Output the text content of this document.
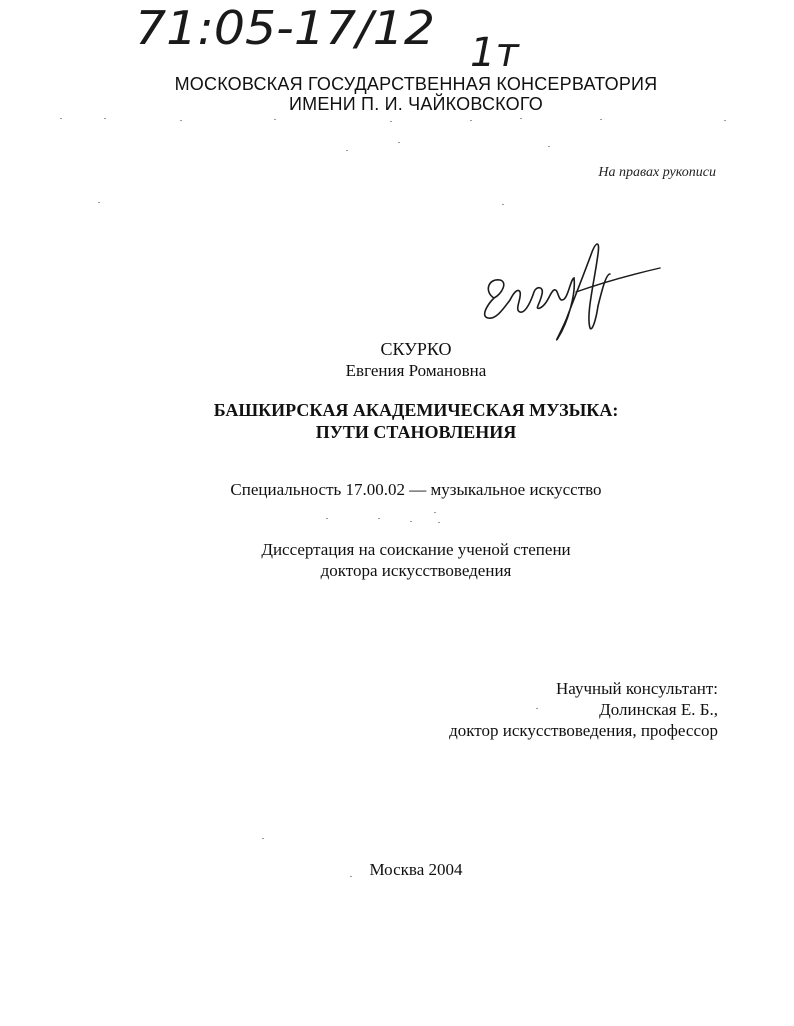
71:05-17/12 1т
МОСКОВСКАЯ ГОСУДАРСТВЕННАЯ КОНСЕРВАТОРИЯ
ИМЕНИ П. И. ЧАЙКОВСКОГО
На правах рукописи
СКУРКО
Евгения Романовна
БАШКИРСКАЯ АКАДЕМИЧЕСКАЯ МУЗЫКА:
ПУТИ СТАНОВЛЕНИЯ
Специальность 17.00.02 — музыкальное искусство
Диссертация на соискание ученой степени
доктора искусствоведения
Научный консультант:
Долинская Е. Б.,
доктор искусствоведения, профессор
Москва 2004
